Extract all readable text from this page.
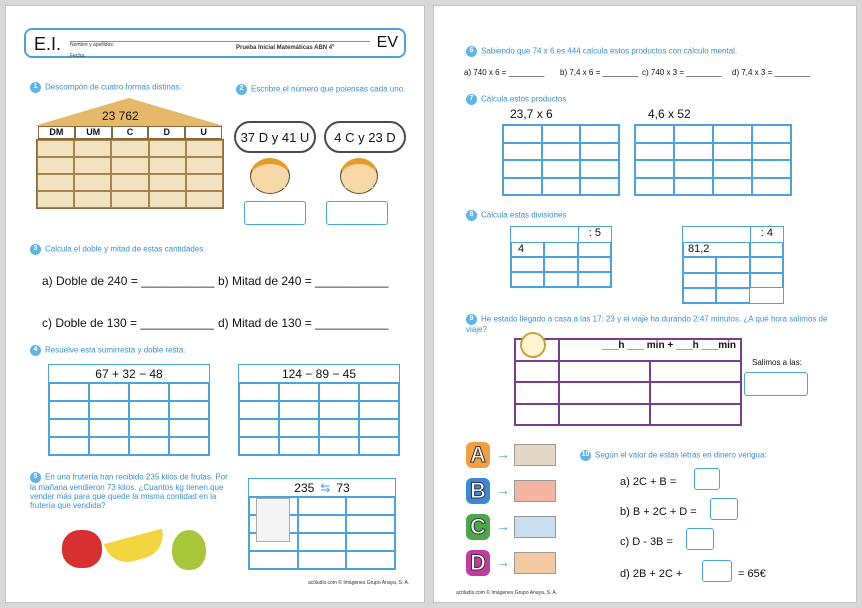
E.I. Nombre y apellidos:
Fecha:
Prueba Inicial Matemáticas ABN 4º	EV
1 Descompón de cuatro formas distinas.
23 762
DM	UM	C	D	U
2 Escribre el número que poiensas cada uno.
37 D y 41 U	4 C y 23 D
3 Calcula el doble y mitad de estas cantidades
a) Doble de 240 = ___________ b) Mitad de 240 = ___________
c) Doble de 130 = ___________ d) Mitad de 130 = ___________
4 Resuelve esta sumirresta y doble resta.
67 + 32 − 48	124 − 89 − 45
5 En una frutería han recibido 235 kilos de frutas. Por la mañana vendieron 73 kilos. ¿Cuantos kg tienen que vender más para que quede la misma contidad en la frutería que vendida?
235 ⇆ 73
actiludis.com © Imágenes Grupo Anaya, S. A.
6 Sabiendo que 74 x 6 es 444 calcula estos productos con cálculo mental.
a) 740 x 6 = ________ b) 7,4 x 6 = ________ c) 740 x 3 = ________ d) 7,4 x 3 = ________
7 Cálcula estos productos
23,7 x 6	4,6 x 52
8 Cálcula estas divisiones
: 5
4
: 4
81,2
9 He estado llegado a casa a las 17: 23 y el viaje ha durando 2:47 minutos. ¿A qué hora salimos de viaje?
___h ___ min + ___h ___min
Salimos a las:
10 Según el valor de estas letras en dinero verigua:
A →
B →
C →
D →
a) 2C + B =
b) B + 2C + D =
c) D - 3B =
d) 2B + 2C +	= 65€
actiludis.com © Imágenes Grupo Anaya, S. A.
